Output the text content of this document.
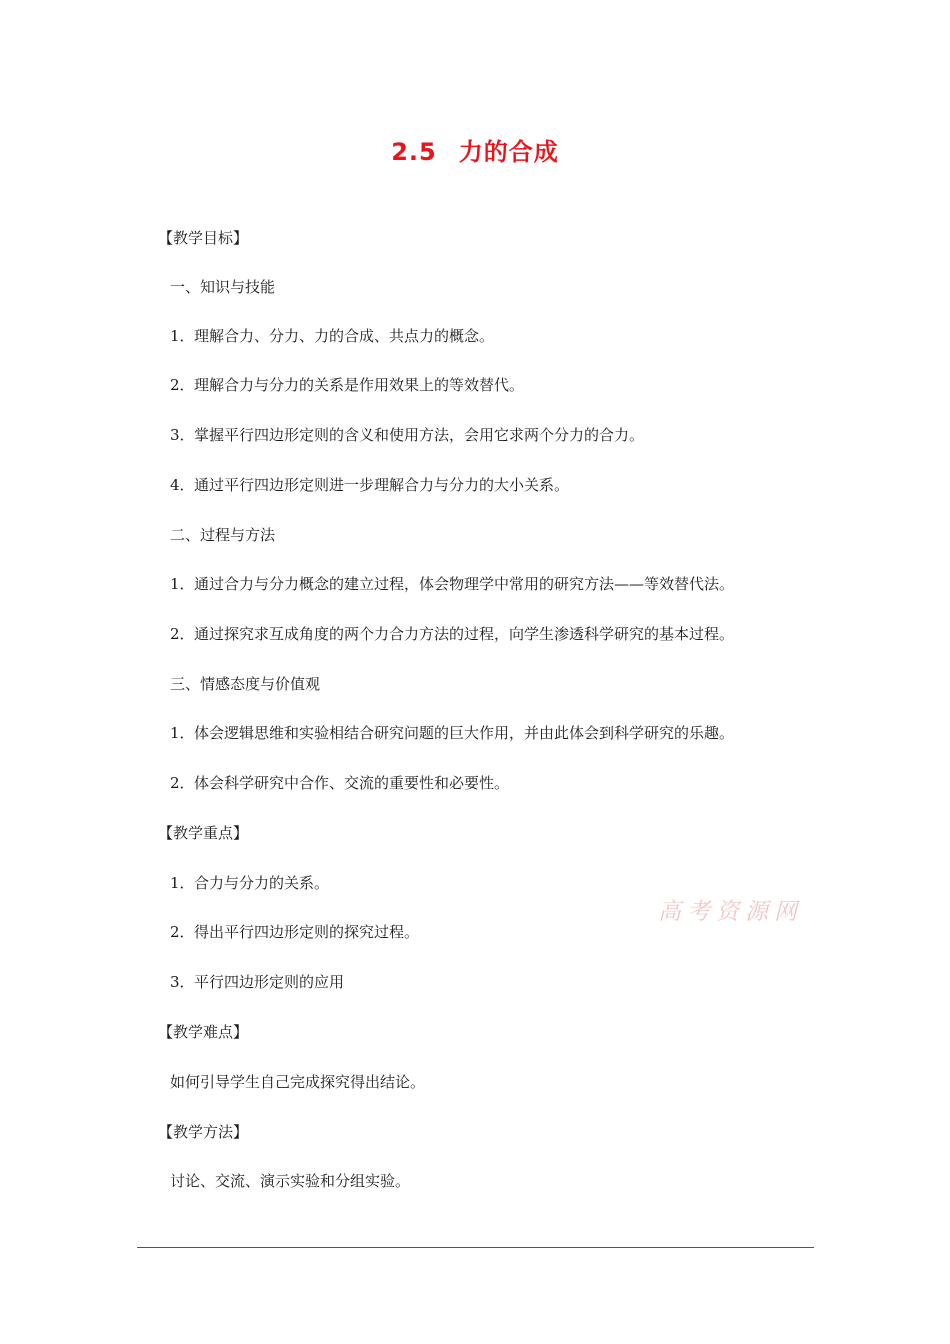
2.5 力的合成
【教学目标】
一、知识与技能
1．理解合力、分力、力的合成、共点力的概念。
2．理解合力与分力的关系是作用效果上的等效替代。
3．掌握平行四边形定则的含义和使用方法，会用它求两个分力的合力。
4．通过平行四边形定则进一步理解合力与分力的大小关系。
二、过程与方法
1．通过合力与分力概念的建立过程，体会物理学中常用的研究方法——等效替代法。
2．通过探究求互成角度的两个力合力方法的过程，向学生渗透科学研究的基本过程。
三、情感态度与价值观
1．体会逻辑思维和实验相结合研究问题的巨大作用，并由此体会到科学研究的乐趣。
2．体会科学研究中合作、交流的重要性和必要性。
【教学重点】
1．合力与分力的关系。
2．得出平行四边形定则的探究过程。
3．平行四边形定则的应用
【教学难点】
如何引导学生自己完成探究得出结论。
【教学方法】
讨论、交流、演示实验和分组实验。
高考资源网
